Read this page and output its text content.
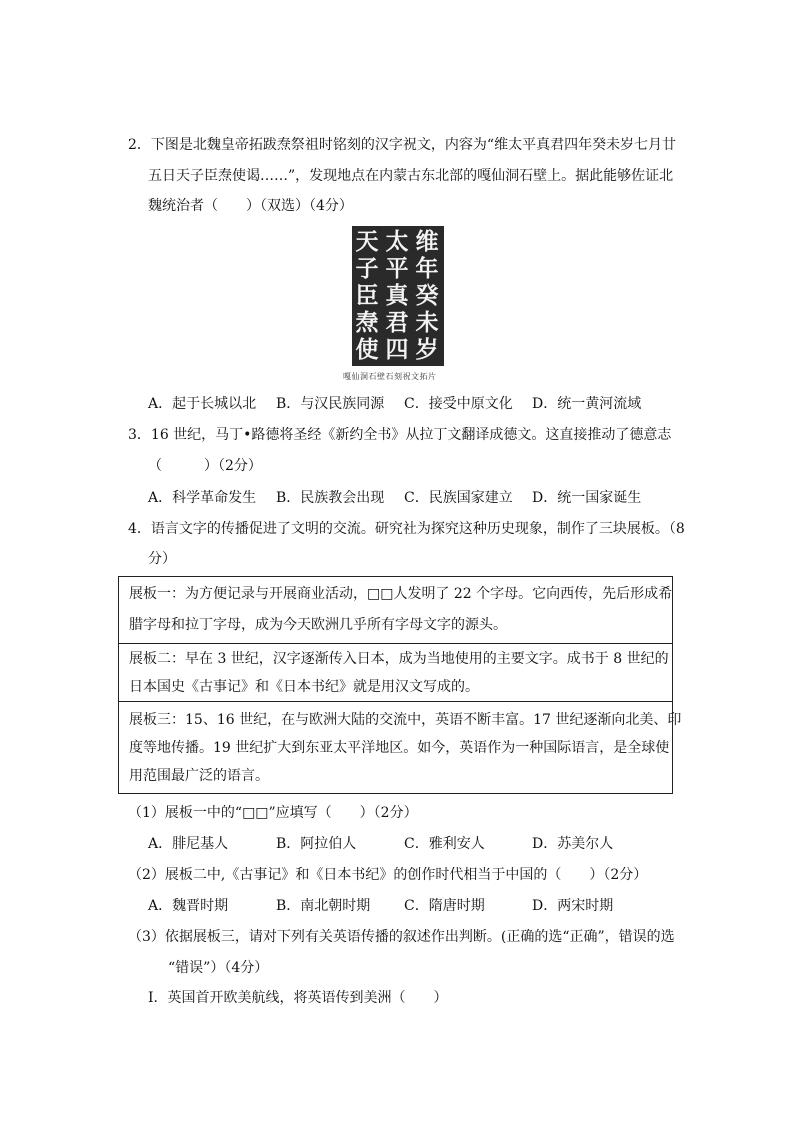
2．下图是北魏皇帝拓跋焘祭祖时铭刻的汉字祝文，内容为“维太平真君四年癸未岁七月廿
五日天子臣焘使谒……”，发现地点在内蒙古东北部的嘎仙洞石壁上。据此能够佐证北
魏统治者（　　）（双选）（4分）
天
子
臣
焘
使
太
平
真
君
四
维
年
癸
未
岁
嘎仙洞石壁石刻祝文拓片
A．起于长城以北 B．与汉民族同源 C．接受中原文化 D．统一黄河流域
3．16 世纪，马丁•路德将圣经《新约全书》从拉丁文翻译成德文。这直接推动了德意志
（　　　）（2分）
A．科学革命发生 B．民族教会出现 C．民族国家建立 D．统一国家诞生
4．语言文字的传播促进了文明的交流。研究社为探究这种历史现象，制作了三块展板。（8
分）
展板一：为方便记录与开展商业活动，□□人发明了 22 个字母。它向西传，先后形成希
腊字母和拉丁字母，成为今天欧洲几乎所有字母文字的源头。
展板二：早在 3 世纪，汉字逐渐传入日本，成为当地使用的主要文字。成书于 8 世纪的
日本国史《古事记》和《日本书纪》就是用汉文写成的。
展板三：15、16 世纪，在与欧洲大陆的交流中，英语不断丰富。17 世纪逐渐向北美、印
度等地传播。19 世纪扩大到东亚太平洋地区。如今，英语作为一种国际语言，是全球使
用范围最广泛的语言。
（1）展板一中的“□□”应填写（　　）（2分）
A．腓尼基人	B．阿拉伯人	C．雅利安人	D．苏美尔人
（2）展板二中,《古事记》和《日本书纪》的创作时代相当于中国的（　　）（2分）
A．魏晋时期	B．南北朝时期 C．隋唐时期	D．两宋时期
（3）依据展板三，请对下列有关英语传播的叙述作出判断。(正确的选“正确”，错误的选
“错误”）（4分）
Ⅰ．英国首开欧美航线，将英语传到美洲（　　）
